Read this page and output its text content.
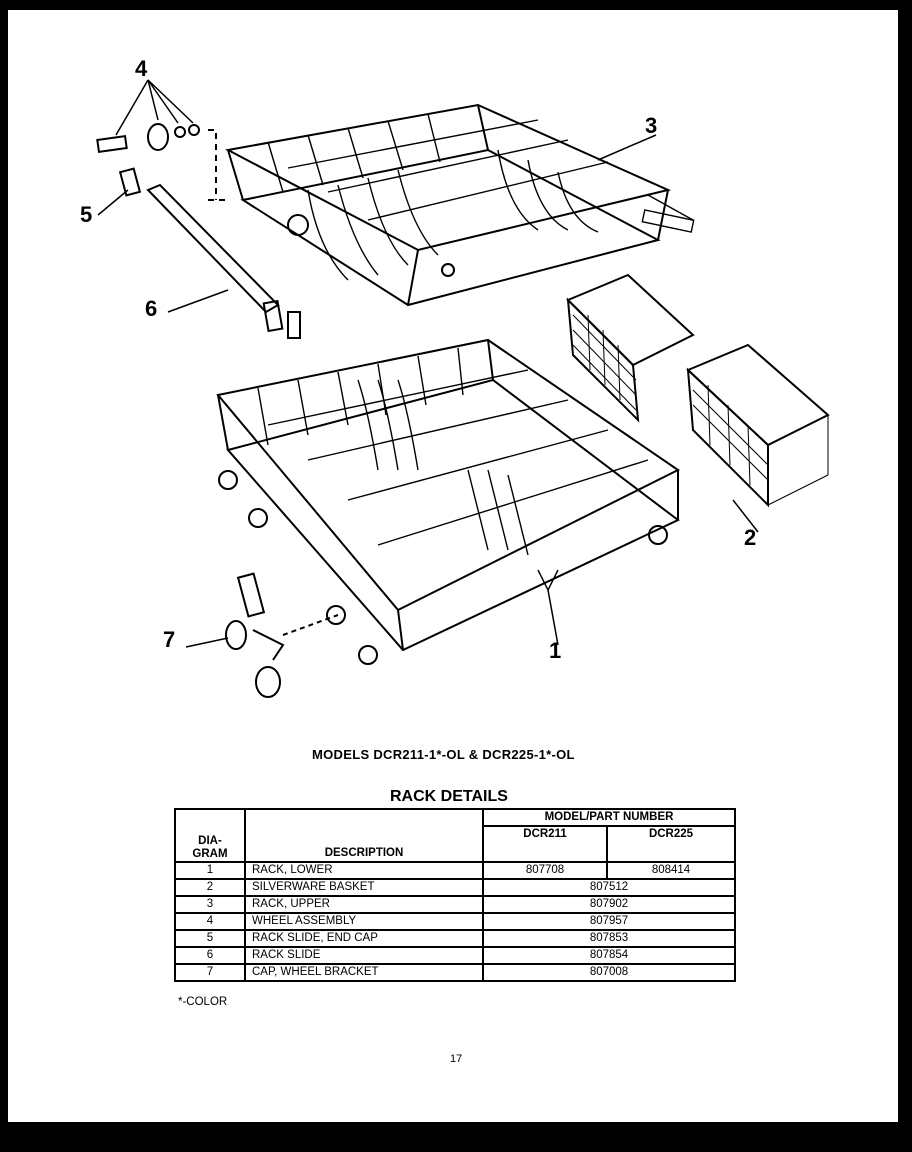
4
3
5
6
2
1
7
MODELS DCR211-1*-OL & DCR225-1*-OL
RACK DETAILS
DIA-
GRAM	DESCRIPTION	MODEL/PART NUMBER	
		DCR211	DCR225

1	RACK, LOWER	807708	808414
2	SILVERWARE BASKET	807512	
3	RACK, UPPER	807902	
4	WHEEL ASSEMBLY	807957	
5	RACK SLIDE, END CAP	807853	
6	RACK SLIDE	807854	
7	CAP, WHEEL BRACKET	807008	
*-COLOR
17
